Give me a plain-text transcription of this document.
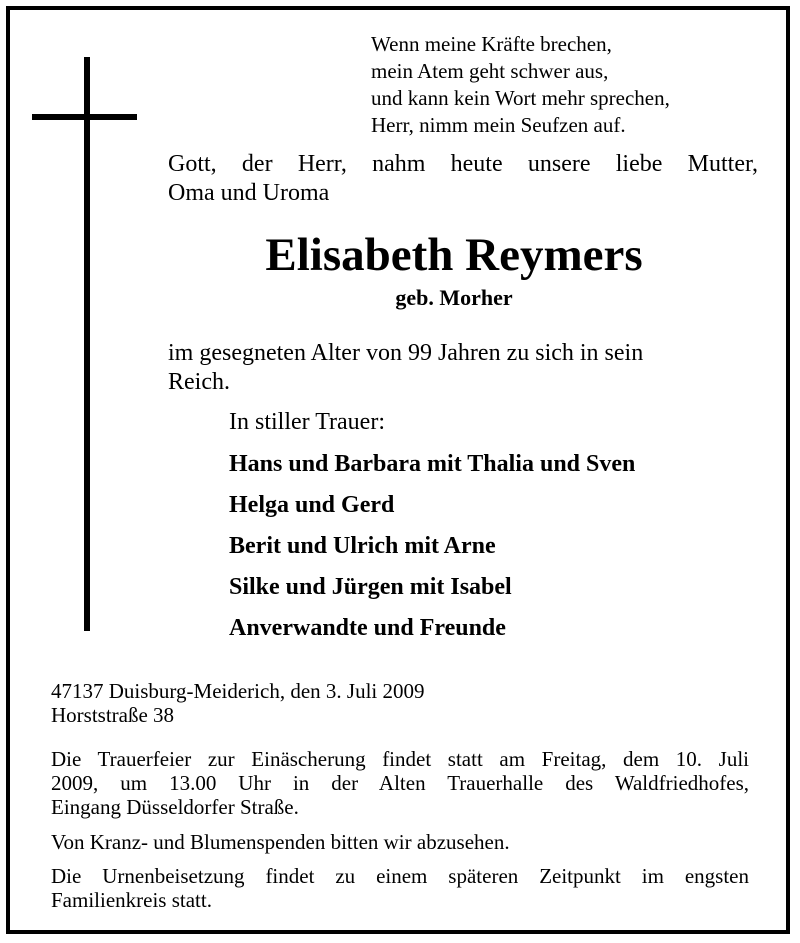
Wenn meine Kräfte brechen,
mein Atem geht schwer aus,
und kann kein Wort mehr sprechen,
Herr, nimm mein Seufzen auf.
Gott, der Herr, nahm heute unsere liebe Mutter,
Oma und Uroma
Elisabeth Reymers
geb. Morher
im gesegneten Alter von 99 Jahren zu sich in sein
Reich.
In stiller Trauer:
Hans und Barbara mit Thalia und Sven
Helga und Gerd
Berit und Ulrich mit Arne
Silke und Jürgen mit Isabel
Anverwandte und Freunde
47137 Duisburg-Meiderich, den 3. Juli 2009
Horststraße 38
Die Trauerfeier zur Einäscherung findet statt am Freitag, dem 10. Juli
2009, um 13.00 Uhr in der Alten Trauerhalle des Waldfriedhofes,
Eingang Düsseldorfer Straße.
Von Kranz- und Blumenspenden bitten wir abzusehen.
Die Urnenbeisetzung findet zu einem späteren Zeitpunkt im engsten
Familienkreis statt.
